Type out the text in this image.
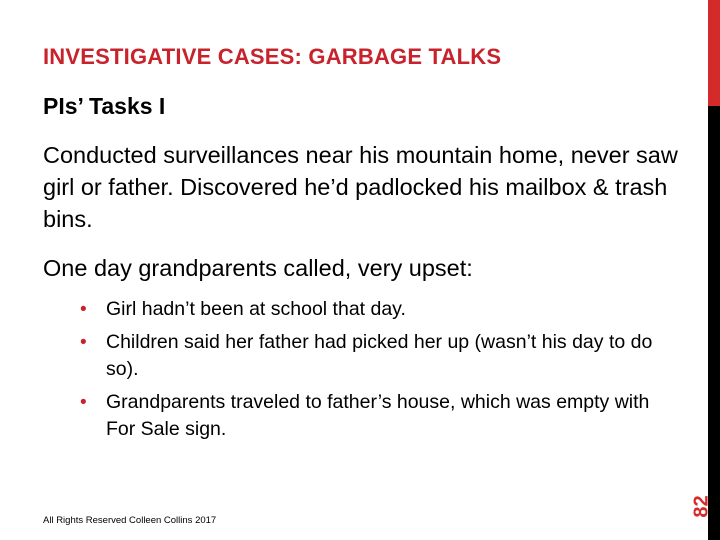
INVESTIGATIVE CASES: GARBAGE TALKS
PIs’ Tasks I

Conducted surveillances near his mountain home, never saw girl or father. Discovered he’d padlocked his mailbox & trash bins.

One day grandparents called, very upset:

• Girl hadn’t been at school that day.
• Children said her father had picked her up (wasn’t his day to do so).
• Grandparents traveled to father’s house, which was empty with For Sale sign.
All Rights Reserved Colleen Collins 2017
82
